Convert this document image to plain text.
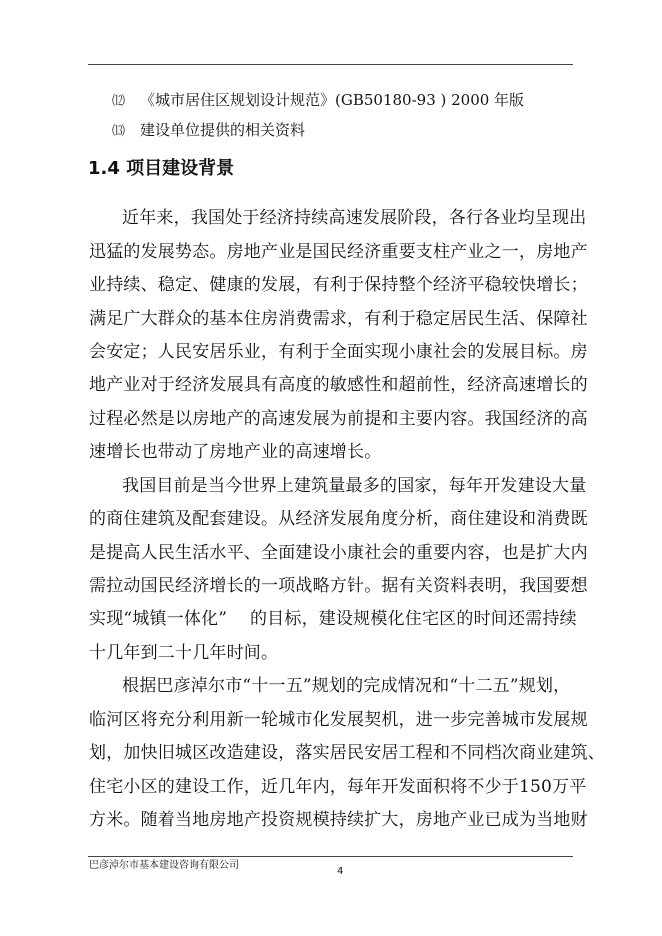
⑿ 《城市居住区规划设计规范》(GB50180-93 ) 2000 年版
⒀ 建设单位提供的相关资料
1.4 项目建设背景
近年来，我国处于经济持续高速发展阶段，各行各业均呈现出
迅猛的发展势态。房地产业是国民经济重要支柱产业之一，房地产
业持续、稳定、健康的发展，有利于保持整个经济平稳较快增长；
满足广大群众的基本住房消费需求，有利于稳定居民生活、保障社
会安定；人民安居乐业，有利于全面实现小康社会的发展目标。房
地产业对于经济发展具有高度的敏感性和超前性，经济高速增长的
过程必然是以房地产的高速发展为前提和主要内容。我国经济的高
速增长也带动了房地产业的高速增长。
我国目前是当今世界上建筑量最多的国家，每年开发建设大量
的商住建筑及配套建设。从经济发展角度分析，商住建设和消费既
是提高人民生活水平、全面建设小康社会的重要内容，也是扩大内
需拉动国民经济增长的一项战略方针。据有关资料表明，我国要想
实现“城镇一体化”　 的目标，建设规模化住宅区的时间还需持续
十几年到二十几年时间。
根据巴彦淖尔市“十一五”规划的完成情况和“十二五”规划，
临河区将充分利用新一轮城市化发展契机，进一步完善城市发展规
划，加快旧城区改造建设，落实居民安居工程和不同档次商业建筑、
住宅小区的建设工作，近几年内，每年开发面积将不少于150万平
方米。随着当地房地产投资规模持续扩大，房地产业已成为当地财
巴彦淖尔市基本建设咨询有限公司
4
